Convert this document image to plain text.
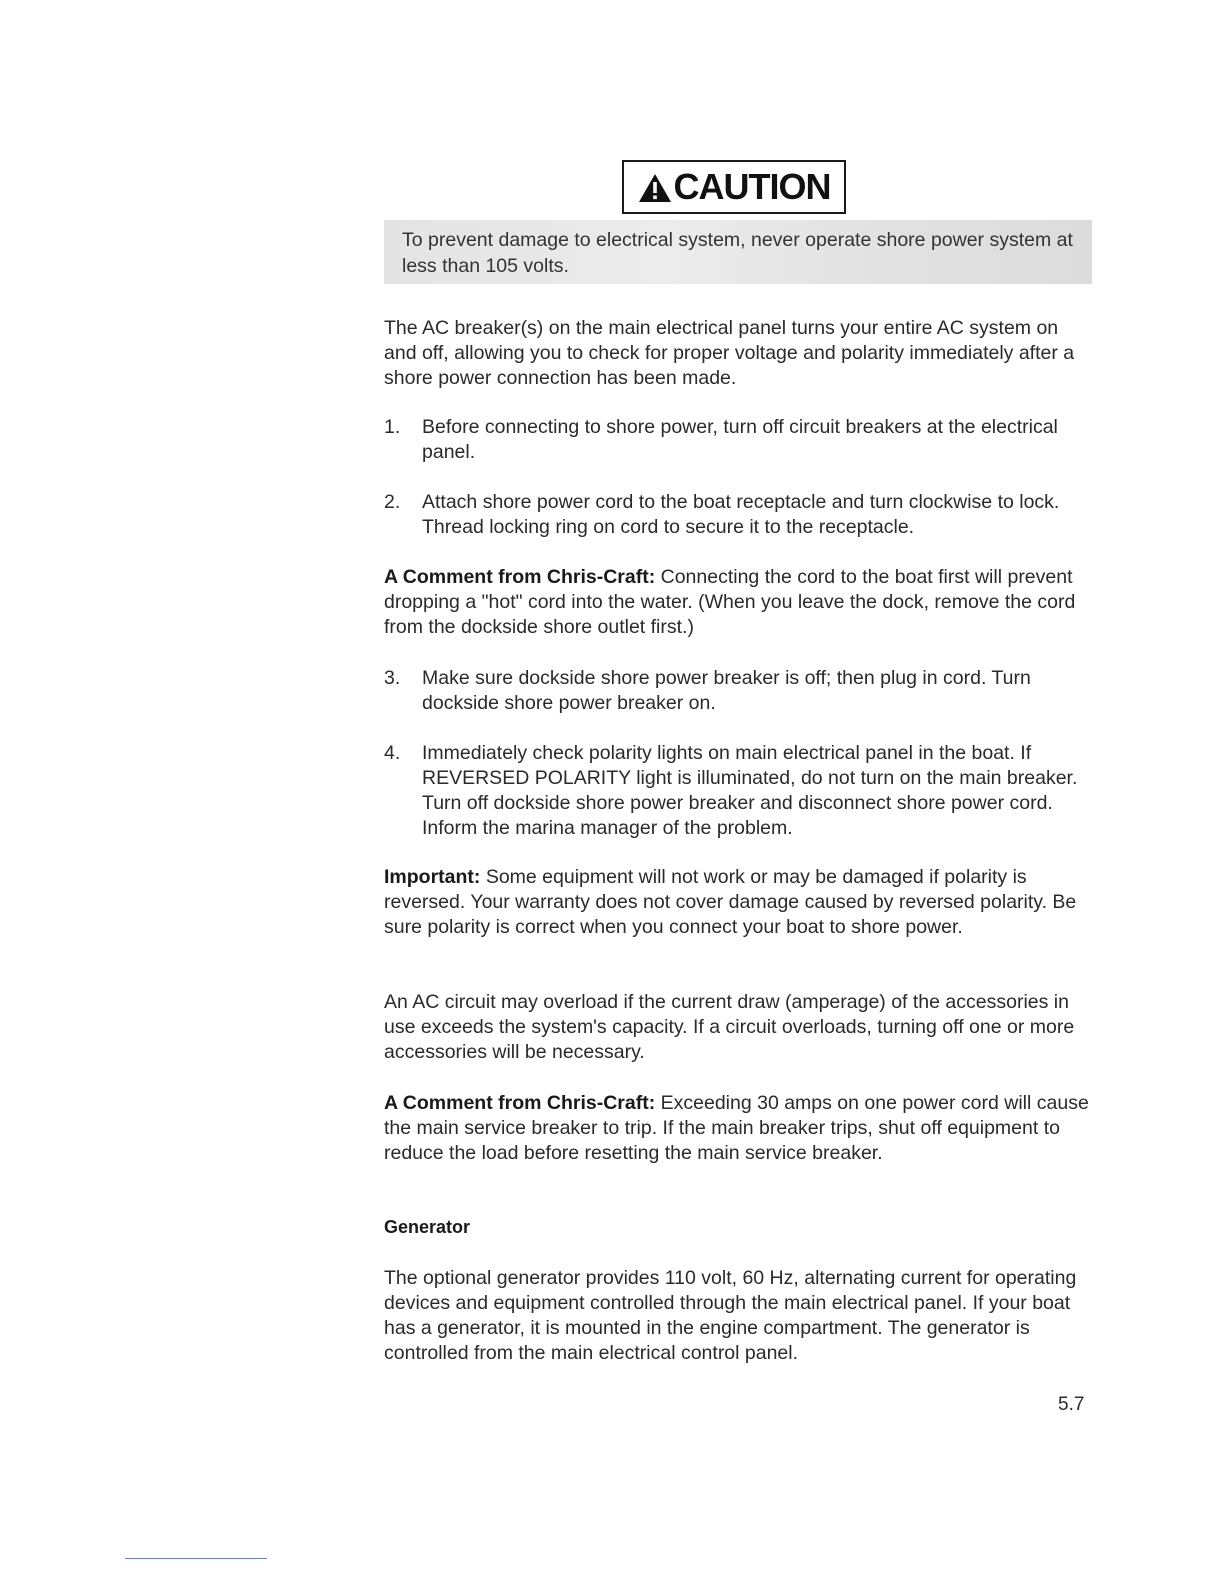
CAUTION
To prevent damage to electrical system, never operate shore power system at less than 105 volts.

The AC breaker(s) on the main electrical panel turns your entire AC system on and off, allowing you to check for proper voltage and polarity immediately after a shore power connection has been made.

1. Before connecting to shore power, turn off circuit breakers at the electrical panel.
2. Attach shore power cord to the boat receptacle and turn clockwise to lock. Thread locking ring on cord to secure it to the receptacle.

A Comment from Chris-Craft: Connecting the cord to the boat first will prevent dropping a "hot" cord into the water. (When you leave the dock, remove the cord from the dockside shore outlet first.)

3. Make sure dockside shore power breaker is off; then plug in cord. Turn dockside shore power breaker on.
4. Immediately check polarity lights on main electrical panel in the boat. If REVERSED POLARITY light is illuminated, do not turn on the main breaker. Turn off dockside shore power breaker and disconnect shore power cord. Inform the marina manager of the problem.

Important: Some equipment will not work or may be damaged if polarity is reversed. Your warranty does not cover damage caused by reversed polarity. Be sure polarity is correct when you connect your boat to shore power.

An AC circuit may overload if the current draw (amperage) of the accessories in use exceeds the system's capacity. If a circuit overloads, turning off one or more accessories will be necessary.

A Comment from Chris-Craft: Exceeding 30 amps on one power cord will cause the main service breaker to trip. If the main breaker trips, shut off equipment to reduce the load before resetting the main service breaker.

Generator

The optional generator provides 110 volt, 60 Hz, alternating current for operating devices and equipment controlled through the main electrical panel. If your boat has a generator, it is mounted in the engine compartment. The generator is controlled from the main electrical control panel.

5.7
